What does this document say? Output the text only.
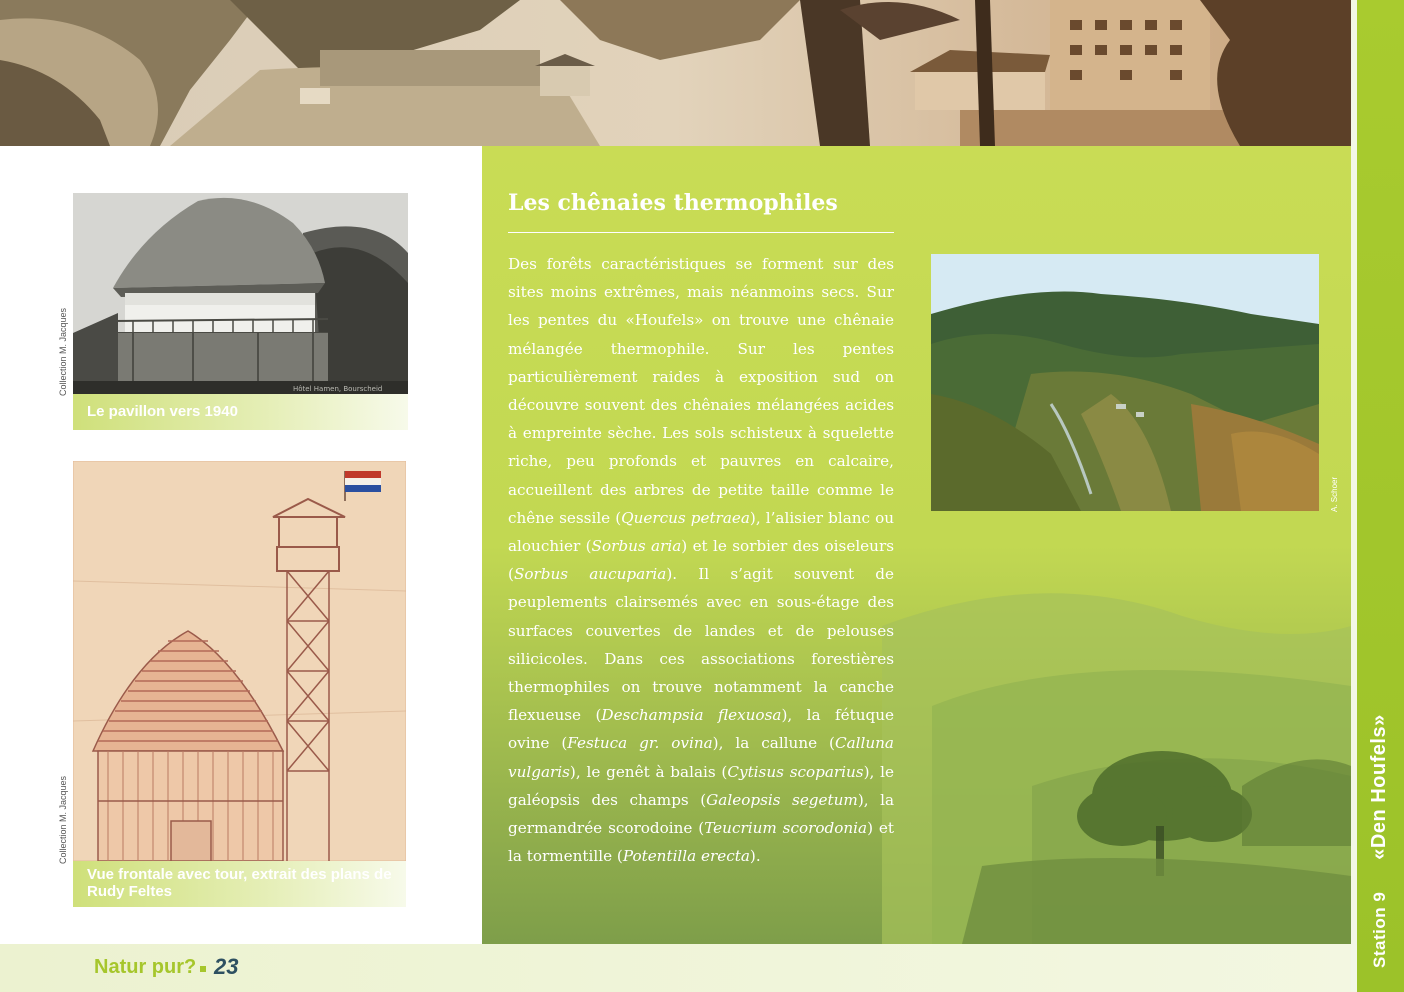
Hôtel Hamen, Bourscheid
Collection M. Jacques
Le pavillon vers 1940
Collection M. Jacques
Vue frontale avec tour, extrait des plans de
Rudy Feltes
Les chênaies thermophiles
Des forêts caractéristiques se forment sur des sites moins extrêmes, mais néanmoins secs. Sur les pentes du «Houfels» on trouve une chênaie mélangée thermophile. Sur les pentes particulièrement raides à exposition sud on découvre souvent des chênaies mélangées acides à empreinte sèche. Les sols schisteux à squelette riche, peu profonds et pauvres en calcaire, accueillent des arbres de petite taille comme le chêne sessile (Quercus petraea), l’alisier blanc ou alouchier (Sorbus aria) et le sorbier des oiseleurs (Sorbus aucuparia). Il s’agit souvent de peuplements clairsemés avec en sous-étage des surfaces couvertes de landes et de pelouses silicicoles. Dans ces associations forestières thermophiles on trouve notamment la canche flexueuse (Deschampsia flexuosa), la fétuque ovine (Festuca gr. ovina), la callune (Calluna vulgaris), le genêt à balais (Cytisus scoparius), le galéopsis des champs (Galeopsis segetum), la germandrée scorodoine (Teucrium scorodonia) et la tormentille (Potentilla erecta).
A. Schoer
Station 9«Den Houfels»
Natur pur? 23
